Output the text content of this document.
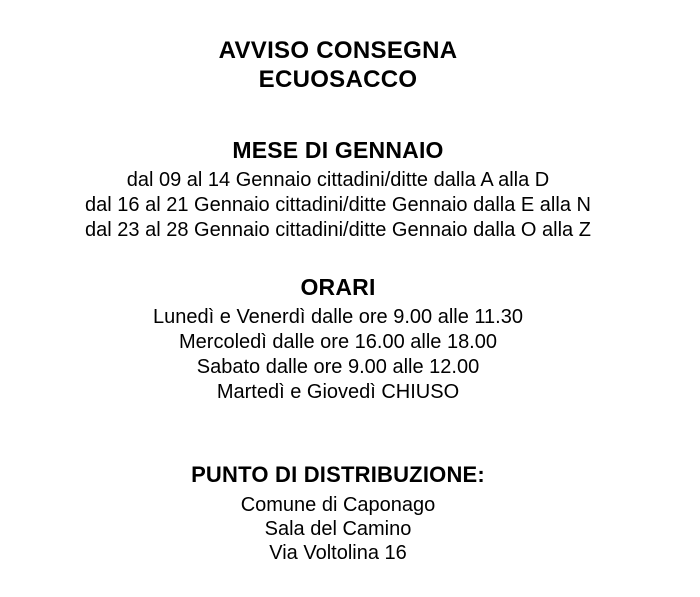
AVVISO CONSEGNA
ECUOSACCO
MESE DI GENNAIO

dal 09 al 14 Gennaio cittadini/ditte dalla A alla D

dal 16 al 21 Gennaio cittadini/ditte Gennaio dalla E alla N

dal 23 al 28 Gennaio cittadini/ditte Gennaio dalla O alla Z

ORARI

Lunedì e Venerdì dalle ore 9.00 alle 11.30

Mercoledì dalle ore 16.00 alle 18.00

Sabato dalle ore 9.00 alle 12.00

Martedì e Giovedì CHIUSO

PUNTO DI DISTRIBUZIONE:

Comune di Caponago

Sala del Camino

Via Voltolina 16
